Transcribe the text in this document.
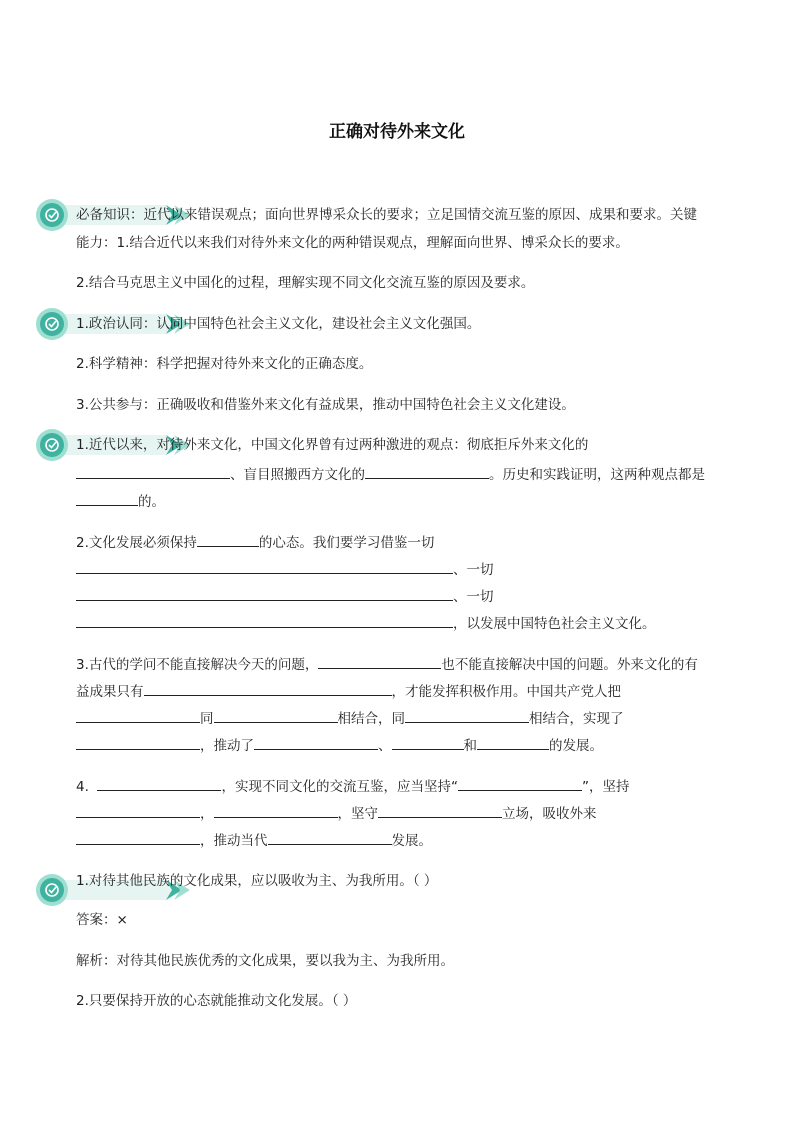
正确对待外来文化
必备知识：近代以来错误观点；面向世界博采众长的要求；立足国情交流互鉴的原因、成果和要求。关键
能力：1.结合近代以来我们对待外来文化的两种错误观点，理解面向世界、博采众长的要求。
2.结合马克思主义中国化的过程，理解实现不同文化交流互鉴的原因及要求。
1.政治认同：认同中国特色社会主义文化，建设社会主义文化强国。
2.科学精神：科学把握对待外来文化的正确态度。
3.公共参与：正确吸收和借鉴外来文化有益成果，推动中国特色社会主义文化建设。
1.近代以来，对待外来文化，中国文化界曾有过两种激进的观点：彻底拒斥外来文化的
、盲目照搬西方文化的	。历史和实践证明，这两种观点都是
的。
2.文化发展必须保持	的心态。我们要学习借鉴一切
、一切
、一切
，以发展中国特色社会主义文化。
3.古代的学问不能直接解决今天的问题，	也不能直接解决中国的问题。外来文化的有
益成果只有	，才能发挥积极作用。中国共产党人把
同	相结合，同	相结合，实现了
，推动了	、	和	的发展。
4.	，实现不同文化的交流互鉴，应当坚持“	”，坚持
，	，坚守	立场，吸收外来
，推动当代	发展。
1.对待其他民族的文化成果，应以吸收为主、为我所用。（ ）
答案：×
解析：对待其他民族优秀的文化成果，要以我为主、为我所用。
2.只要保持开放的心态就能推动文化发展。（ ）
